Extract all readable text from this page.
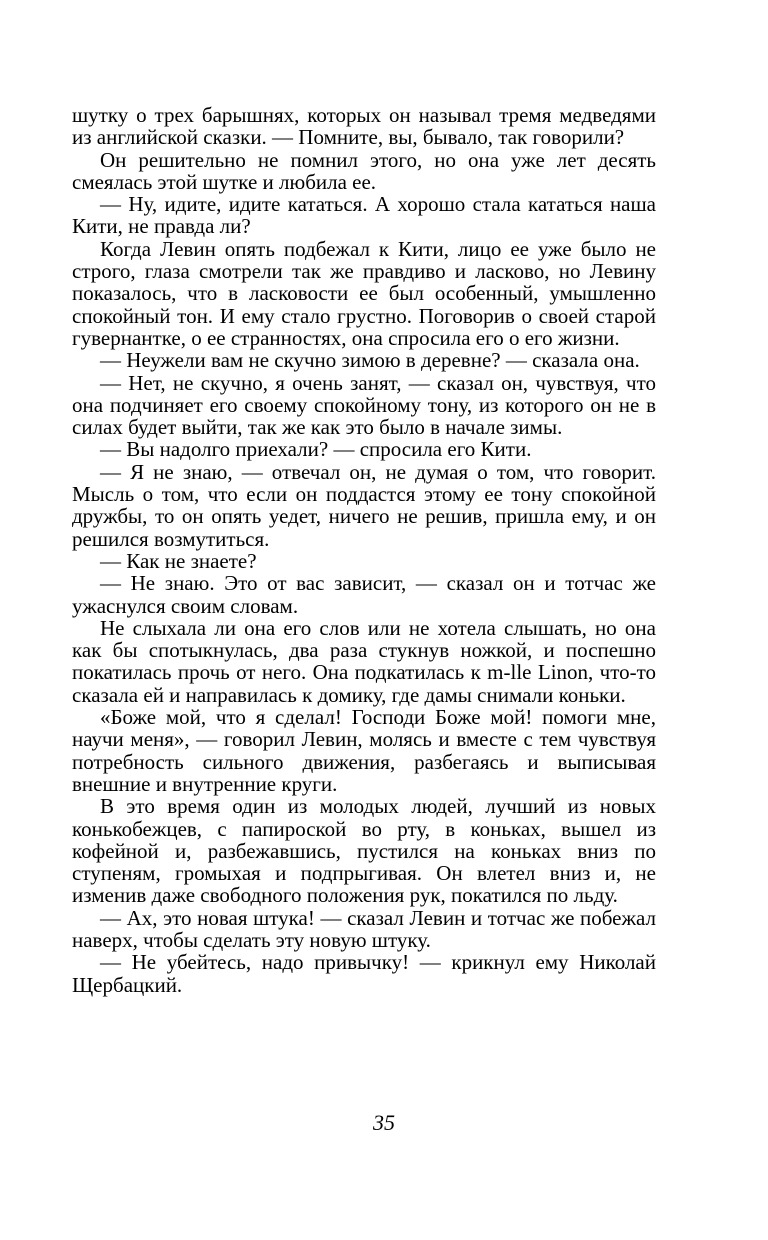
шутку о трех барышнях, которых он называл тремя медведями из английской сказки. — Помните, вы, бывало, так говорили?

Он решительно не помнил этого, но она уже лет десять смеялась этой шутке и любила ее.

— Ну, идите, идите кататься. А хорошо стала кататься наша Кити, не правда ли?

Когда Левин опять подбежал к Кити, лицо ее уже было не строго, глаза смотрели так же правдиво и ласково, но Левину показалось, что в ласковости ее был особенный, умышленно спокойный тон. И ему стало грустно. Поговорив о своей старой гувернантке, о ее странностях, она спросила его о его жизни.

— Неужели вам не скучно зимою в деревне? — сказала она.

— Нет, не скучно, я очень занят, — сказал он, чувствуя, что она подчиняет его своему спокойному тону, из которого он не в силах будет выйти, так же как это было в начале зимы.

— Вы надолго приехали? — спросила его Кити.

— Я не знаю, — отвечал он, не думая о том, что говорит. Мысль о том, что если он поддастся этому ее тону спокойной дружбы, то он опять уедет, ничего не решив, пришла ему, и он решился возмутиться.

— Как не знаете?

— Не знаю. Это от вас зависит, — сказал он и тотчас же ужаснулся своим словам.

Не слыхала ли она его слов или не хотела слышать, но она как бы спотыкнулась, два раза стукнув ножкой, и поспешно покатилась прочь от него. Она подкатилась к m-lle Linon, что-то сказала ей и направилась к домику, где дамы снимали коньки.

«Боже мой, что я сделал! Господи Боже мой! помоги мне, научи меня», — говорил Левин, молясь и вместе с тем чувствуя потребность сильного движения, разбегаясь и выписывая внешние и внутренние круги.

В это время один из молодых людей, лучший из новых конькобежцев, с папироской во рту, в коньках, вышел из кофейной и, разбежавшись, пустился на коньках вниз по ступеням, громыхая и подпрыгивая. Он влетел вниз и, не изменив даже свободного положения рук, покатился по льду.

— Ах, это новая штука! — сказал Левин и тотчас же побежал наверх, чтобы сделать эту новую штуку.

— Не убейтесь, надо привычку! — крикнул ему Николай Щербацкий.

35
